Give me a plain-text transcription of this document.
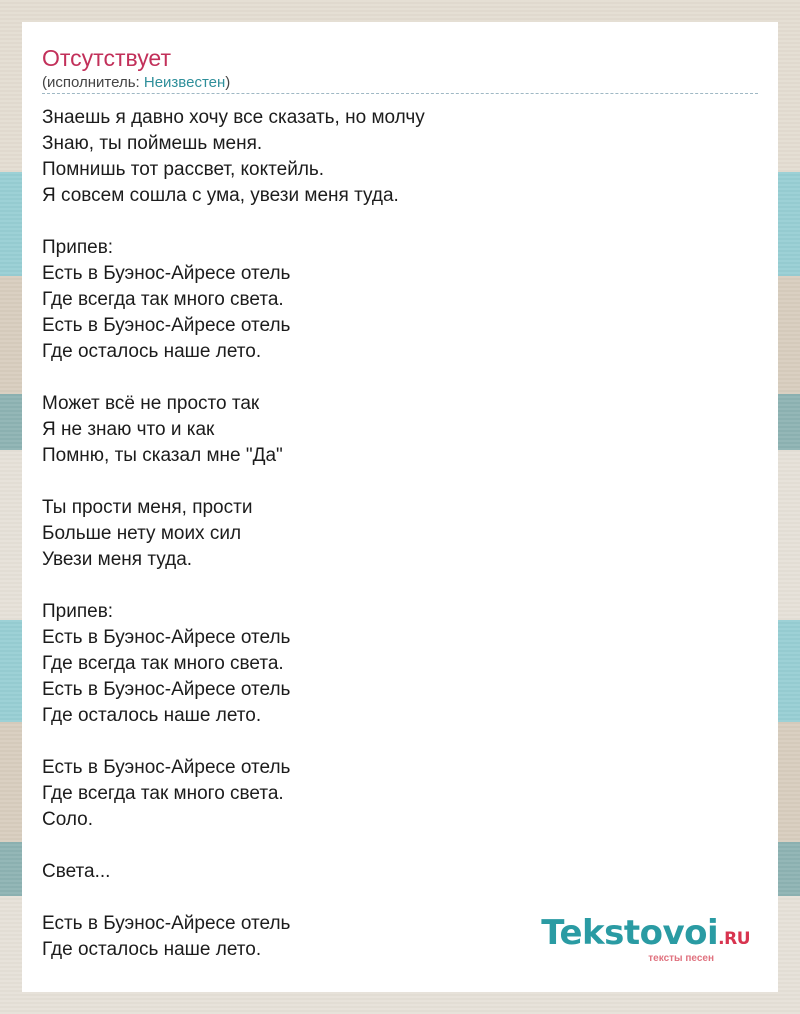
Отсутствует
(исполнитель: Неизвестен)
Знаешь я давно хочу все сказать, но молчу
Знаю, ты поймешь меня.
Помнишь тот рассвет, коктейль.
Я совсем сошла с ума, увези меня туда.

Припев:
Есть в Буэнос-Айресе отель
Где всегда так много света.
Есть в Буэнос-Айресе отель
Где осталось наше лето.

Может всё не просто так
Я не знаю что и как
Помню, ты сказал мне "Да"

Ты прости меня, прости
Больше нету моих сил
Увези меня туда.

Припев:
Есть в Буэнос-Айресе отель
Где всегда так много света.
Есть в Буэнос-Айресе отель
Где осталось наше лето.

Есть в Буэнос-Айресе отель
Где всегда так много света.
Соло.

Света...

Есть в Буэнос-Айресе отель
Где осталось наше лето.	Tekstovoi.RU
тексты песен
